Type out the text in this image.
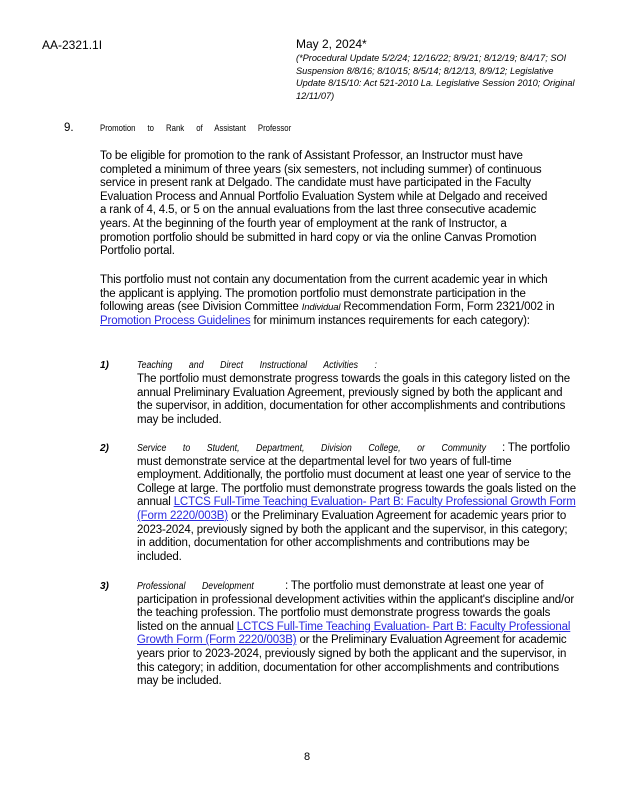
AA-2321.1I	May 2, 2024*
(*Procedural Update 5/2/24; 12/16/22; 8/9/21; 8/12/19; 8/4/17; SOI Suspension 8/8/16; 8/10/15; 8/5/14; 8/12/13, 8/9/12; Legislative Update 8/15/10: Act 521-2010 La. Legislative Session 2010; Original 12/11/07)
9.	Promotion to Rank of Assistant Professor
To be eligible for promotion to the rank of Assistant Professor, an Instructor must have completed a minimum of three years (six semesters, not including summer) of continuous service in present rank at Delgado. The candidate must have participated in the Faculty Evaluation Process and Annual Portfolio Evaluation System while at Delgado and received a rank of 4, 4.5, or 5 on the annual evaluations from the last three consecutive academic years. At the beginning of the fourth year of employment at the rank of Instructor, a promotion portfolio should be submitted in hard copy or via the online Canvas Promotion Portfolio portal.
This portfolio must not contain any documentation from the current academic year in which the applicant is applying. The promotion portfolio must demonstrate participation in the following areas (see Division Committee Individual Recommendation Form, Form 2321/002 in Promotion Process Guidelines for minimum instances requirements for each category):
1)	Teaching and Direct Instructional Activities :
The portfolio must demonstrate progress towards the goals in this category listed on the annual Preliminary Evaluation Agreement, previously signed by both the applicant and the supervisor, in addition, documentation for other accomplishments and contributions may be included.
2)	: The portfolio must demonstrate service at the departmental level for two years of full-time employment. Additionally, the portfolio must document at least one year of service to the College at large. The portfolio must demonstrate progress towards the goals listed on the annual LCTCS Full-Time Teaching Evaluation- Part B: Faculty Professional Growth Form (Form 2220/003B) or the Preliminary Evaluation Agreement for academic years prior to 2023-2024, previously signed by both the applicant and the supervisor, in this category; in addition, documentation for other accomplishments and contributions may be included.
Service to Student, Department, Division College, or Community
3)	: The portfolio must demonstrate at least one year of participation in professional development activities within the applicant's discipline and/or the teaching profession. The portfolio must demonstrate progress towards the goals listed on the annual LCTCS Full-Time Teaching Evaluation- Part B: Faculty Professional Growth Form (Form 2220/003B) or the Preliminary Evaluation Agreement for academic years prior to 2023-2024, previously signed by both the applicant and the supervisor, in this category; in addition, documentation for other accomplishments and contributions may be included.
Professional Development
8
